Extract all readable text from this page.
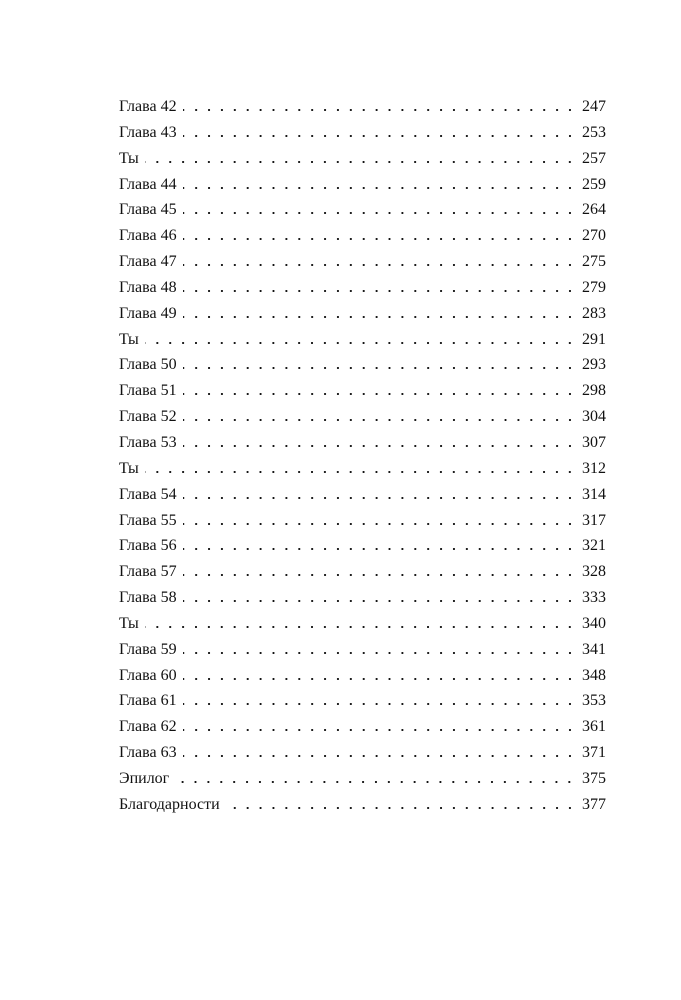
Глава 42	247
Глава 43	253
Ты	257
Глава 44	259
Глава 45	264
Глава 46	270
Глава 47	275
Глава 48	279
Глава 49	283
Ты	291
Глава 50	293
Глава 51	298
Глава 52	304
Глава 53	307
Ты	312
Глава 54	314
Глава 55	317
Глава 56	321
Глава 57	328
Глава 58	333
Ты	340
Глава 59	341
Глава 60	348
Глава 61	353
Глава 62	361
Глава 63	371
Эпилог	375
Благодарности	377
